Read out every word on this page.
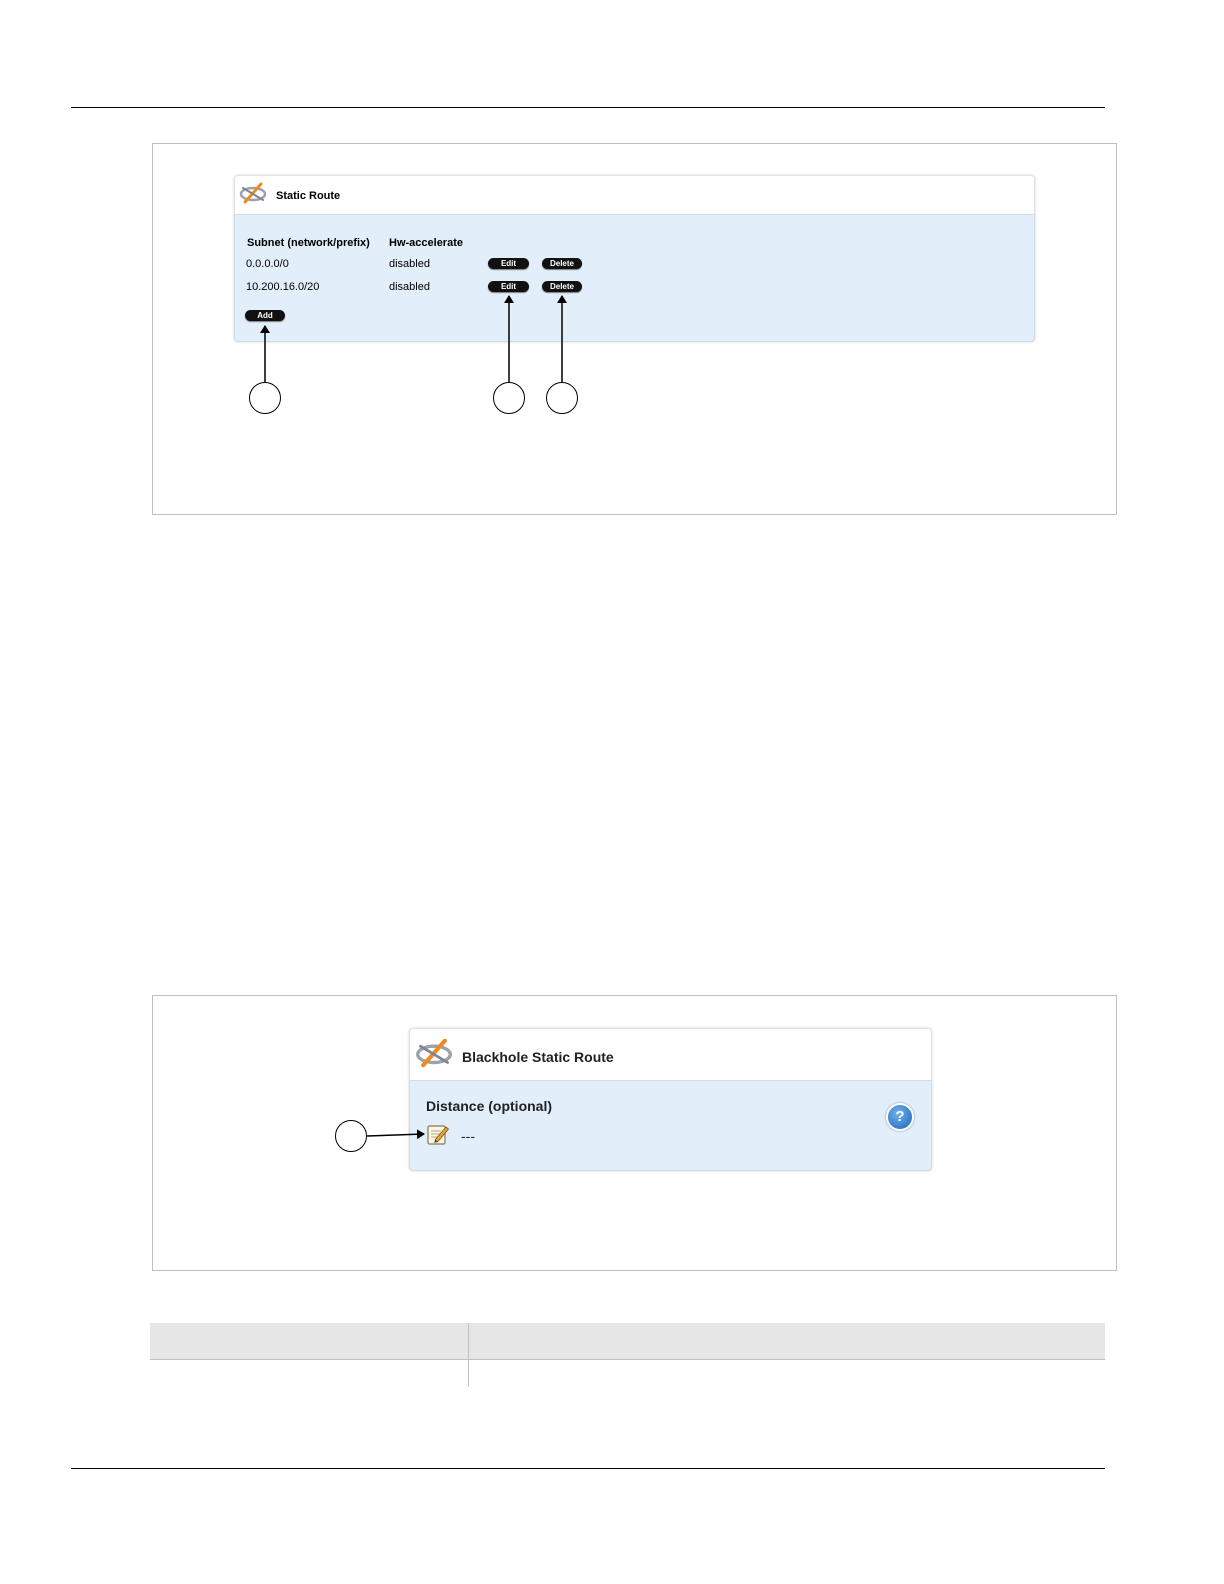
Static Route
Subnet (network/prefix) Hw-accelerate
0.0.0.0/0	disabled	Edit	Delete
10.200.16.0/20	disabled	Edit	Delete
Add
Blackhole Static Route
Distance (optional)
---
?
